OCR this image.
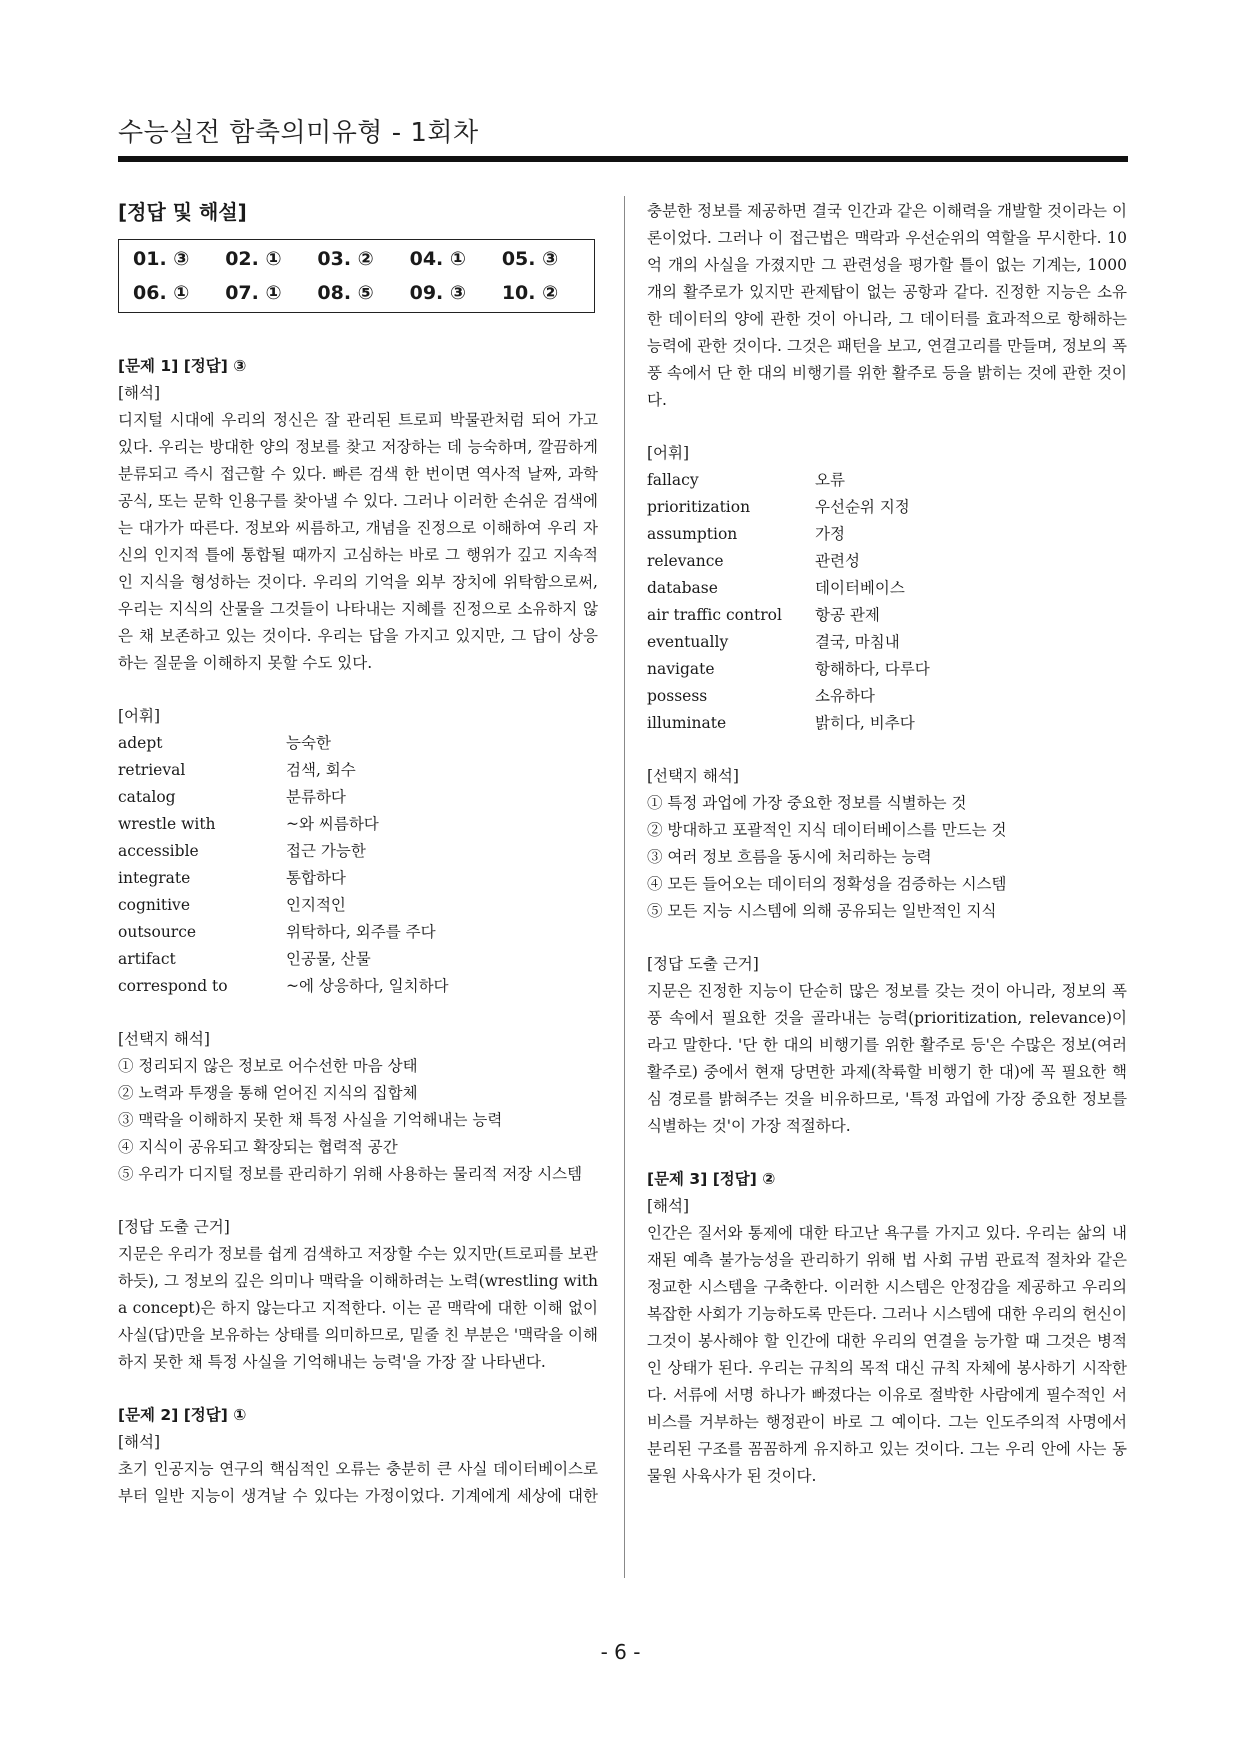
수능실전 함축의미유형 - 1회차
[정답 및 해설]
01. ③	02. ①	03. ②	04. ①	05. ③
06. ①	07. ①	08. ⑤	09. ③	10. ②
[문제 1] [정답] ③
[해석]

디지털 시대에 우리의 정신은 잘 관리된 트로피 박물관처럼 되어 가고 있다. 우리는 방대한 양의 정보를 찾고 저장하는 데 능숙하며, 깔끔하게 분류되고 즉시 접근할 수 있다. 빠른 검색 한 번이면 역사적 날짜, 과학 공식, 또는 문학 인용구를 찾아낼 수 있다. 그러나 이러한 손쉬운 검색에는 대가가 따른다. 정보와 씨름하고, 개념을 진정으로 이해하여 우리 자신의 인지적 틀에 통합될 때까지 고심하는 바로 그 행위가 깊고 지속적인 지식을 형성하는 것이다. 우리의 기억을 외부 장치에 위탁함으로써, 우리는 지식의 산물을 그것들이 나타내는 지혜를 진정으로 소유하지 않은 채 보존하고 있는 것이다. 우리는 답을 가지고 있지만, 그 답이 상응하는 질문을 이해하지 못할 수도 있다.

[어휘]
adept	능숙한
retrieval	검색, 회수
catalog	분류하다
wrestle with	~와 씨름하다
accessible	접근 가능한
integrate	통합하다
cognitive	인지적인
outsource	위탁하다, 외주를 주다
artifact	인공물, 산물
correspond to	~에 상응하다, 일치하다
[선택지 해석]
① 정리되지 않은 정보로 어수선한 마음 상태
② 노력과 투쟁을 통해 얻어진 지식의 집합체
③ 맥락을 이해하지 못한 채 특정 사실을 기억해내는 능력
④ 지식이 공유되고 확장되는 협력적 공간
⑤ 우리가 디지털 정보를 관리하기 위해 사용하는 물리적 저장 시스템
[정답 도출 근거]

지문은 우리가 정보를 쉽게 검색하고 저장할 수는 있지만(트로피를 보관하듯), 그 정보의 깊은 의미나 맥락을 이해하려는 노력(wrestling with a concept)은 하지 않는다고 지적한다. 이는 곧 맥락에 대한 이해 없이 사실(답)만을 보유하는 상태를 의미하므로, 밑줄 친 부분은 '맥락을 이해하지 못한 채 특정 사실을 기억해내는 능력'을 가장 잘 나타낸다.

[문제 2] [정답] ①
[해석]

초기 인공지능 연구의 핵심적인 오류는 충분히 큰 사실 데이터베이스로부터 일반 지능이 생겨날 수 있다는 가정이었다. 기계에게 세상에 대한

충분한 정보를 제공하면 결국 인간과 같은 이해력을 개발할 것이라는 이론이었다. 그러나 이 접근법은 맥락과 우선순위의 역할을 무시한다. 10억 개의 사실을 가졌지만 그 관련성을 평가할 틀이 없는 기계는, 1000개의 활주로가 있지만 관제탑이 없는 공항과 같다. 진정한 지능은 소유한 데이터의 양에 관한 것이 아니라, 그 데이터를 효과적으로 항해하는 능력에 관한 것이다. 그것은 패턴을 보고, 연결고리를 만들며, 정보의 폭풍 속에서 단 한 대의 비행기를 위한 활주로 등을 밝히는 것에 관한 것이다.

[어휘]
fallacy	오류
prioritization	우선순위 지정
assumption	가정
relevance	관련성
database	데이터베이스
air traffic control	항공 관제
eventually	결국, 마침내
navigate	항해하다, 다루다
possess	소유하다
illuminate	밝히다, 비추다
[선택지 해석]
① 특정 과업에 가장 중요한 정보를 식별하는 것
② 방대하고 포괄적인 지식 데이터베이스를 만드는 것
③ 여러 정보 흐름을 동시에 처리하는 능력
④ 모든 들어오는 데이터의 정확성을 검증하는 시스템
⑤ 모든 지능 시스템에 의해 공유되는 일반적인 지식
[정답 도출 근거]

지문은 진정한 지능이 단순히 많은 정보를 갖는 것이 아니라, 정보의 폭풍 속에서 필요한 것을 골라내는 능력(prioritization, relevance)이라고 말한다. '단 한 대의 비행기를 위한 활주로 등'은 수많은 정보(여러 활주로) 중에서 현재 당면한 과제(착륙할 비행기 한 대)에 꼭 필요한 핵심 경로를 밝혀주는 것을 비유하므로, '특정 과업에 가장 중요한 정보를 식별하는 것'이 가장 적절하다.

[문제 3] [정답] ②
[해석]

인간은 질서와 통제에 대한 타고난 욕구를 가지고 있다. 우리는 삶의 내재된 예측 불가능성을 관리하기 위해 법 사회 규범 관료적 절차와 같은 정교한 시스템을 구축한다. 이러한 시스템은 안정감을 제공하고 우리의 복잡한 사회가 기능하도록 만든다. 그러나 시스템에 대한 우리의 헌신이 그것이 봉사해야 할 인간에 대한 우리의 연결을 능가할 때 그것은 병적인 상태가 된다. 우리는 규칙의 목적 대신 규칙 자체에 봉사하기 시작한다. 서류에 서명 하나가 빠졌다는 이유로 절박한 사람에게 필수적인 서비스를 거부하는 행정관이 바로 그 예이다. 그는 인도주의적 사명에서 분리된 구조를 꼼꼼하게 유지하고 있는 것이다. 그는 우리 안에 사는 동물원 사육사가 된 것이다.

- 6 -
